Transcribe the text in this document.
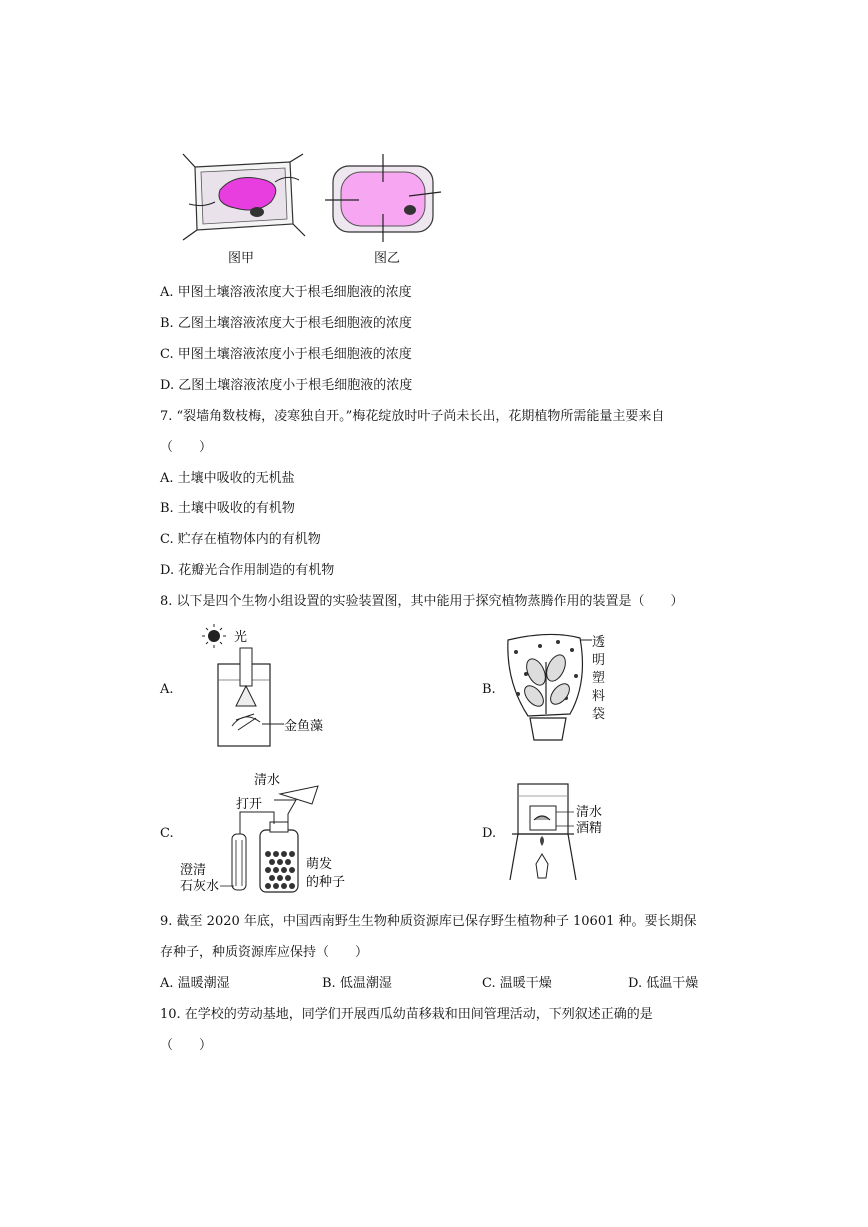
图甲	图乙
A. 甲图土壤溶液浓度大于根毛细胞液的浓度
B. 乙图土壤溶液浓度大于根毛细胞液的浓度
C. 甲图土壤溶液浓度小于根毛细胞液的浓度
D. 乙图土壤溶液浓度小于根毛细胞液的浓度
7. “裂墙角数枝梅，凌寒独自开。”梅花绽放时叶子尚未长出，花期植物所需能量主要来自
（　　）
A. 土壤中吸收的无机盐
B. 土壤中吸收的有机物
C. 贮存在植物体内的有机物
D. 花瓣光合作用制造的有机物
8. 以下是四个生物小组设置的实验装置图，其中能用于探究植物蒸腾作用的装置是（　　）
A.
光
金鱼藻
B.
透
明
塑
料
袋
C.
清水
打开
澄清
石灰水
萌发
的种子
D.
清水
酒精
9. 截至 2020 年底，中国西南野生生物种质资源库已保存野生植物种子 10601 种。要长期保
存种子，种质资源库应保持（　　）
A. 温暖潮湿	B. 低温潮湿	C. 温暖干燥	D. 低温干燥
10. 在学校的劳动基地，同学们开展西瓜幼苗移栽和田间管理活动，下列叙述正确的是
（　　）
